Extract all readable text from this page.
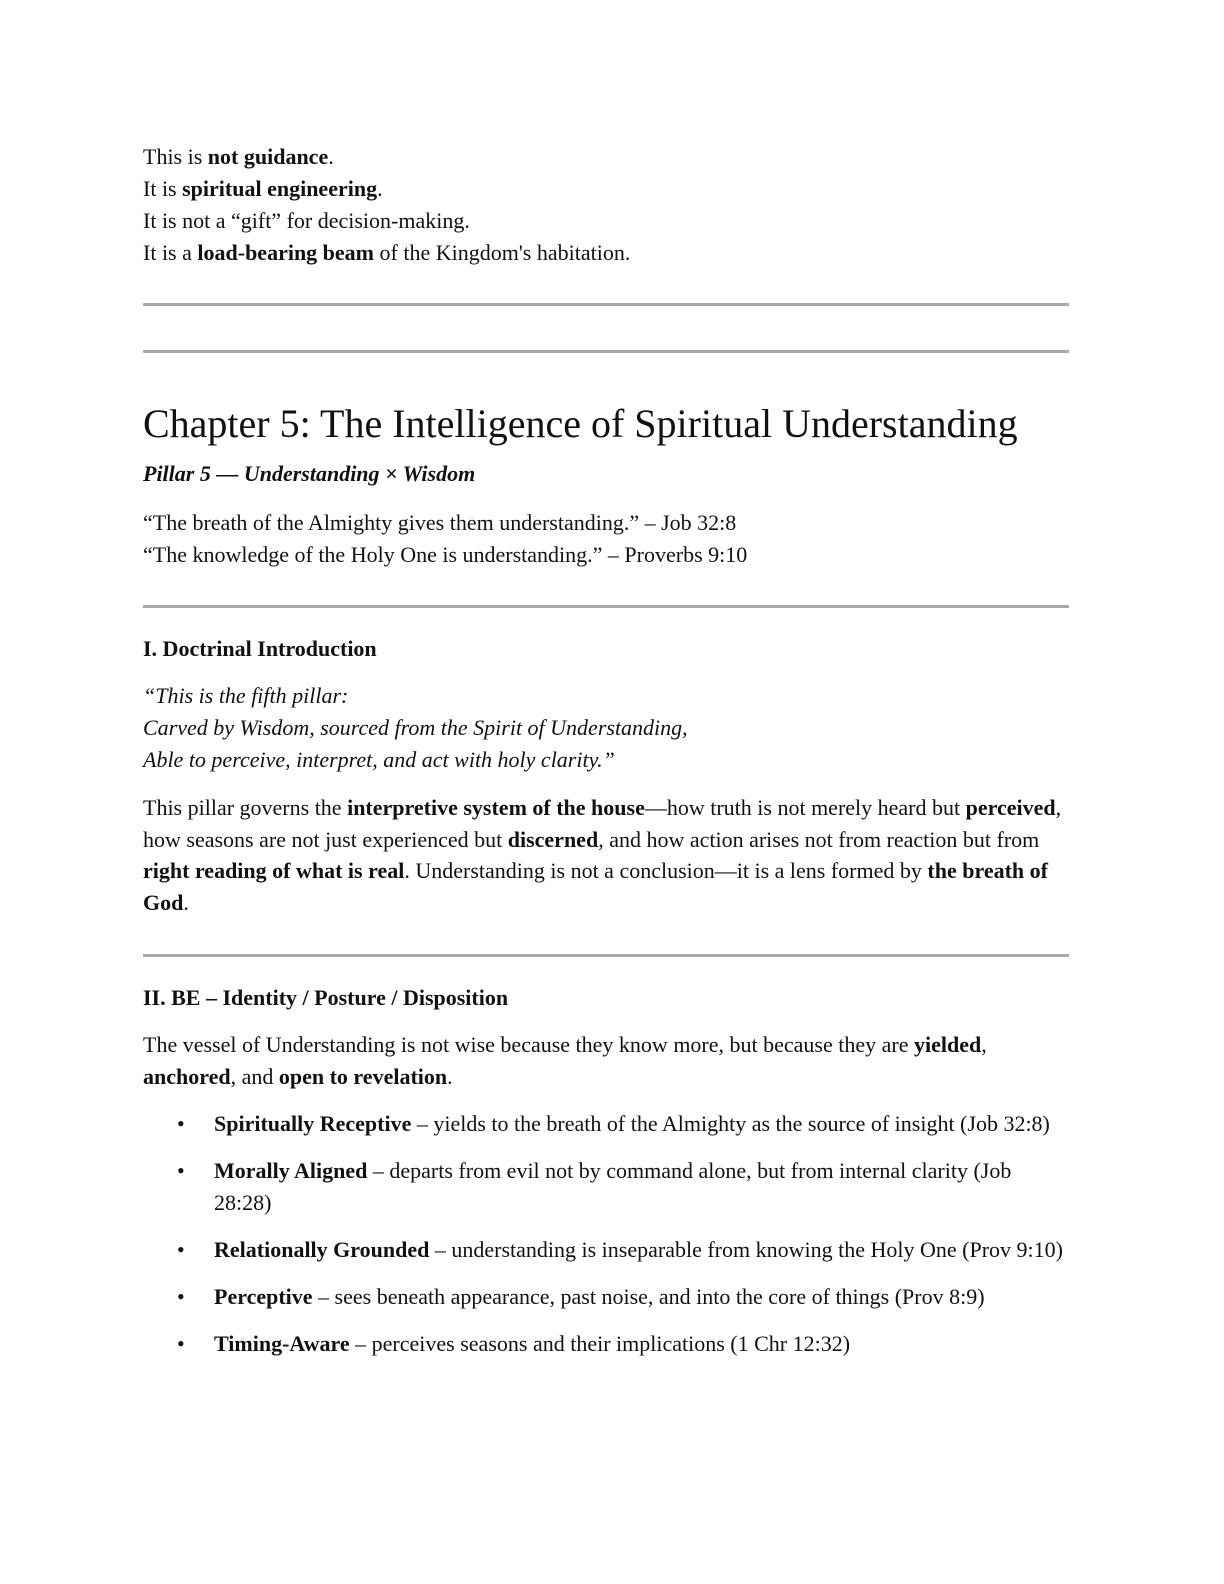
This is not guidance.

It is spiritual engineering.

It is not a “gift” for decision-making.

It is a load-bearing beam of the Kingdom's habitation.

Chapter 5: The Intelligence of Spiritual Understanding

Pillar 5 — Understanding × Wisdom

“The breath of the Almighty gives them understanding.” – Job 32:8

“The knowledge of the Holy One is understanding.” – Proverbs 9:10

I. Doctrinal Introduction

“This is the fifth pillar:

Carved by Wisdom, sourced from the Spirit of Understanding,

Able to perceive, interpret, and act with holy clarity.”

This pillar governs the interpretive system of the house—how truth is not merely heard but perceived, how seasons are not just experienced but discerned, and how action arises not from reaction but from right reading of what is real. Understanding is not a conclusion—it is a lens formed by the breath of God.

II. BE – Identity / Posture / Disposition

The vessel of Understanding is not wise because they know more, but because they are yielded, anchored, and open to revelation.

• Spiritually Receptive – yields to the breath of the Almighty as the source of insight (Job 32:8)
• Morally Aligned – departs from evil not by command alone, but from internal clarity (Job 28:28)
• Relationally Grounded – understanding is inseparable from knowing the Holy One (Prov 9:10)
• Perceptive – sees beneath appearance, past noise, and into the core of things (Prov 8:9)
• Timing-Aware – perceives seasons and their implications (1 Chr 12:32)
